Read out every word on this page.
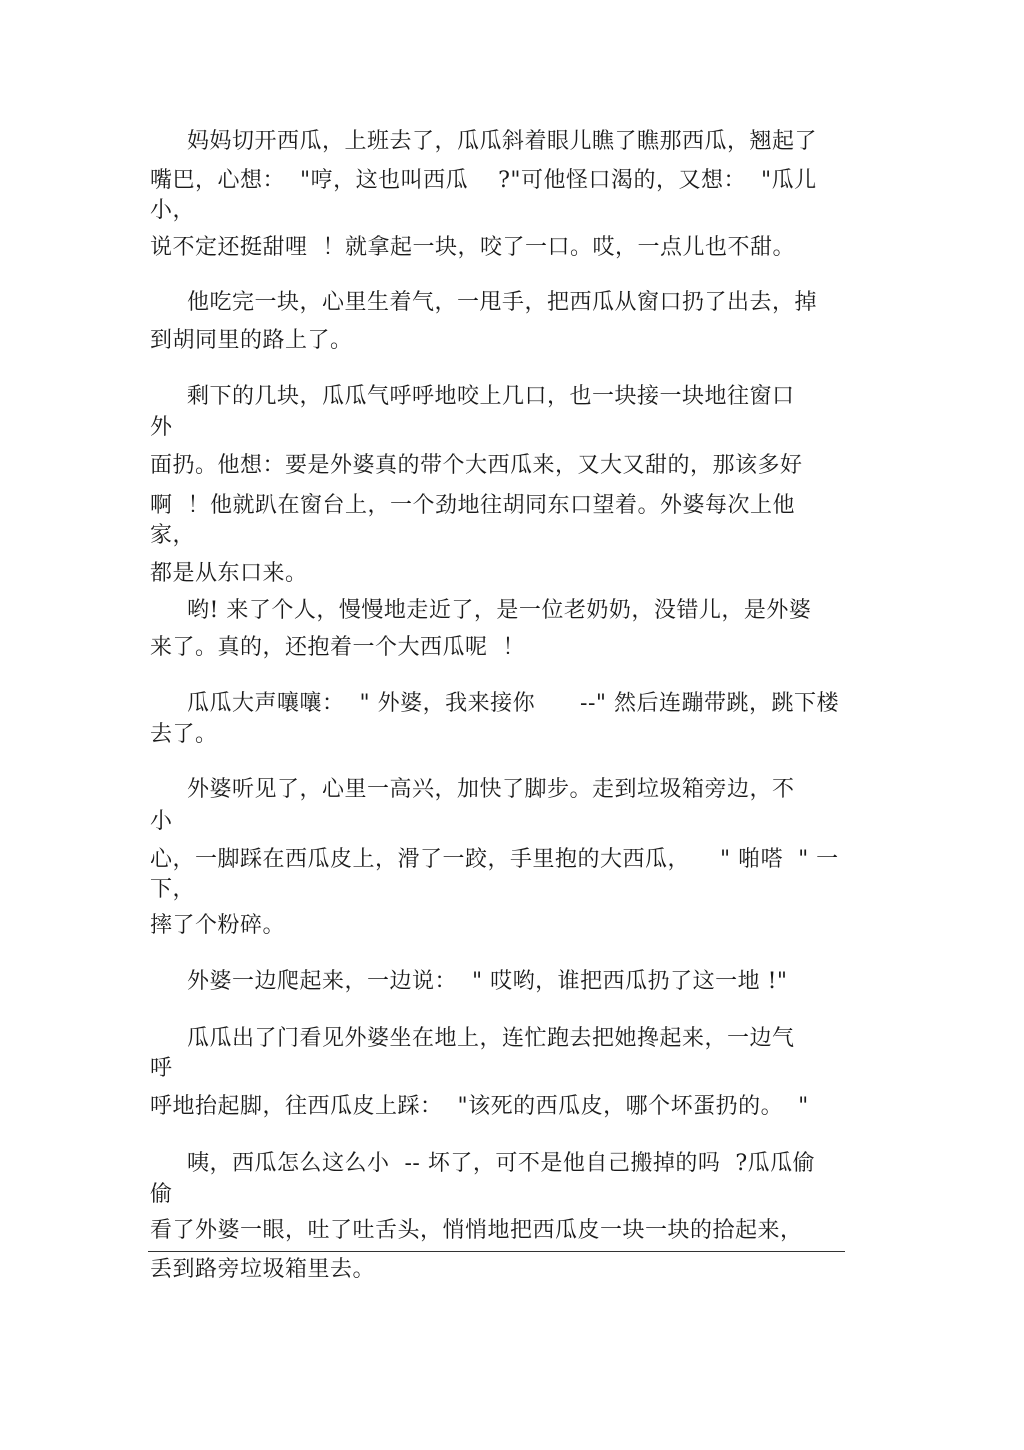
妈妈切开西瓜，上班去了，瓜瓜斜着眼儿瞧了瞧那西瓜，翘起了
嘴巴，心想：  "哼，这也叫西瓜    ?"可他怪口渴的，又想：  "瓜儿
小，
说不定还挺甜哩  ！就拿起一块，咬了一口。哎，一点儿也不甜。
他吃完一块，心里生着气，一甩手，把西瓜从窗口扔了出去，掉
到胡同里的路上了。
剩下的几块，瓜瓜气呼呼地咬上几口，也一块接一块地往窗口
外
面扔。他想：要是外婆真的带个大西瓜来，又大又甜的，那该多好
啊  ！他就趴在窗台上，一个劲地往胡同东口望着。外婆每次上他
家，
都是从东口来。
哟! 来了个人，慢慢地走近了，是一位老奶奶，没错儿，是外婆
来了。真的，还抱着一个大西瓜呢  ！
瓜瓜大声嚷嚷：  " 外婆，我来接你      --" 然后连蹦带跳，跳下楼
去了。
外婆听见了，心里一高兴，加快了脚步。走到垃圾箱旁边，不
小
心，一脚踩在西瓜皮上，滑了一跤，手里抱的大西瓜，    " 啪嗒  " 一
下，
摔了个粉碎。
外婆一边爬起来，一边说：  " 哎哟，谁把西瓜扔了这一地 !"
瓜瓜出了门看见外婆坐在地上，连忙跑去把她搀起来，一边气
呼
呼地抬起脚，往西瓜皮上踩：  "该死的西瓜皮，哪个坏蛋扔的。  "
咦，西瓜怎么这么小  -- 坏了，可不是他自己搬掉的吗  ?瓜瓜偷
偷
看了外婆一眼，吐了吐舌头，悄悄地把西瓜皮一块一块的拾起来，
丢到路旁垃圾箱里去。
